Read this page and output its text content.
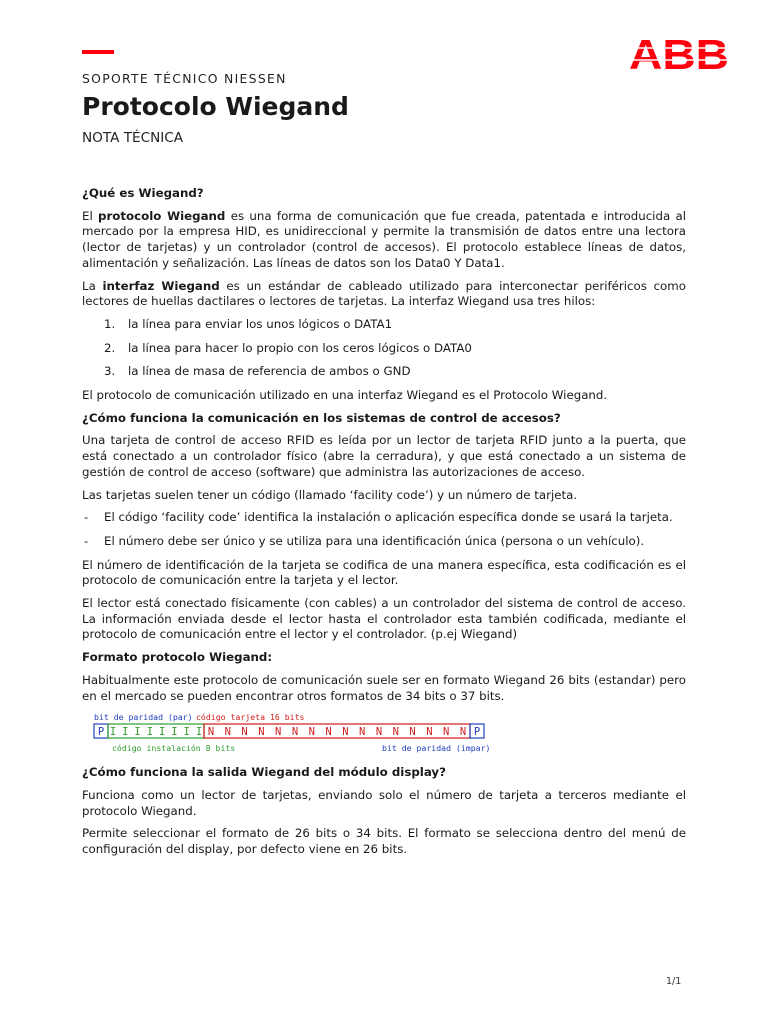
ABB
SOPORTE TÉCNICO NIESSEN
Protocolo Wiegand
NOTA TÉCNICA

¿Qué es Wiegand?

El protocolo Wiegand es una forma de comunicación que fue creada, patentada e introducida al mercado por la empresa HID, es unidireccional y permite la transmisión de datos entre una lectora (lector de tarjetas) y un controlador (control de accesos). El protocolo establece líneas de datos, alimentación y señalización. Las líneas de datos son los Data0 Y Data1.

La interfaz Wiegand es un estándar de cableado utilizado para interconectar periféricos como lectores de huellas dactilares o lectores de tarjetas. La interfaz Wiegand usa tres hilos:

1. la línea para enviar los unos lógicos o DATA1
2. la línea para hacer lo propio con los ceros lógicos o DATA0
3. la línea de masa de referencia de ambos o GND

El protocolo de comunicación utilizado en una interfaz Wiegand es el Protocolo Wiegand.

¿Cómo funciona la comunicación en los sistemas de control de accesos?

Una tarjeta de control de acceso RFID es leída por un lector de tarjeta RFID junto a la puerta, que está conectado a un controlador físico (abre la cerradura), y que está conectado a un sistema de gestión de control de acceso (software) que administra las autorizaciones de acceso.

Las tarjetas suelen tener un código (llamado ‘facility code’) y un número de tarjeta.

- El código ‘facility code’ identifica la instalación o aplicación específica donde se usará la tarjeta.
- El número debe ser único y se utiliza para una identificación única (persona o un vehículo).

El número de identificación de la tarjeta se codifica de una manera específica, esta codificación es el protocolo de comunicación entre la tarjeta y el lector.

El lector está conectado físicamente (con cables) a un controlador del sistema de control de acceso. La información enviada desde el lector hasta el controlador esta también codificada, mediante el protocolo de comunicación entre el lector y el controlador. (p.ej Wiegand)

Formato protocolo Wiegand:

Habitualmente este protocolo de comunicación suele ser en formato Wiegand 26 bits (estandar) pero en el mercado se pueden encontrar otros formatos de 34 bits o 37 bits.

bit de paridad (par) código tarjeta 16 bits
P I I I I I I I I N N N N N N N N N N N N N N N N P
código instalación 8 bits	bit de paridad (impar)

¿Cómo funciona la salida Wiegand del módulo display?

Funciona como un lector de tarjetas, enviando solo el número de tarjeta a terceros mediante el protocolo Wiegand.

Permite seleccionar el formato de 26 bits o 34 bits. El formato se selecciona dentro del menú de configuración del display, por defecto viene en 26 bits.

1/1
